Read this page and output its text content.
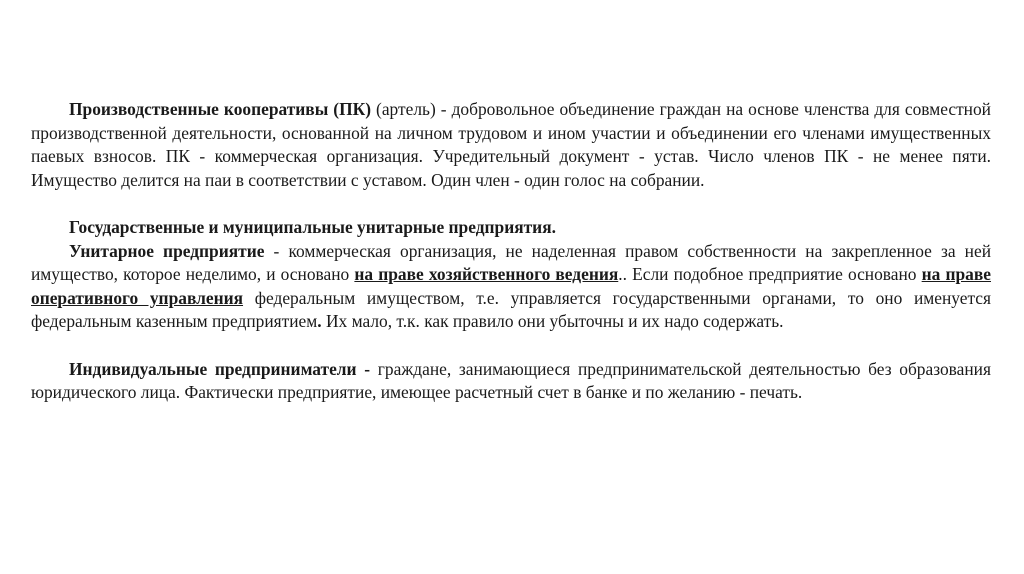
Производственные кооперативы (ПК) (артель) - добровольное объединение граждан на основе членства для совместной производственной деятельности, основанной на личном трудовом и ином участии и объединении его членами имущественных паевых взносов. ПК - коммерческая организация. Учредительный документ - устав. Число членов ПК - не менее пяти. Имущество делится на паи в соответствии с уставом. Один член - один голос на собрании.

Государственные и муниципальные унитарные предприятия.

Унитарное предприятие - коммерческая организация, не наделенная правом собственности на закрепленное за ней имущество, которое неделимо, и основано на праве хозяйственного ведения.. Если подобное предприятие основано на праве оперативного управления федеральным имуществом, т.е. управляется государственными органами, то оно именуется федеральным казенным предприятием. Их мало, т.к. как правило они убыточны и их надо содержать.

Индивидуальные предприниматели - граждане, занимающиеся предпринимательской деятельностью без образования юридического лица. Фактически предприятие, имеющее расчетный счет в банке и по желанию - печать.
